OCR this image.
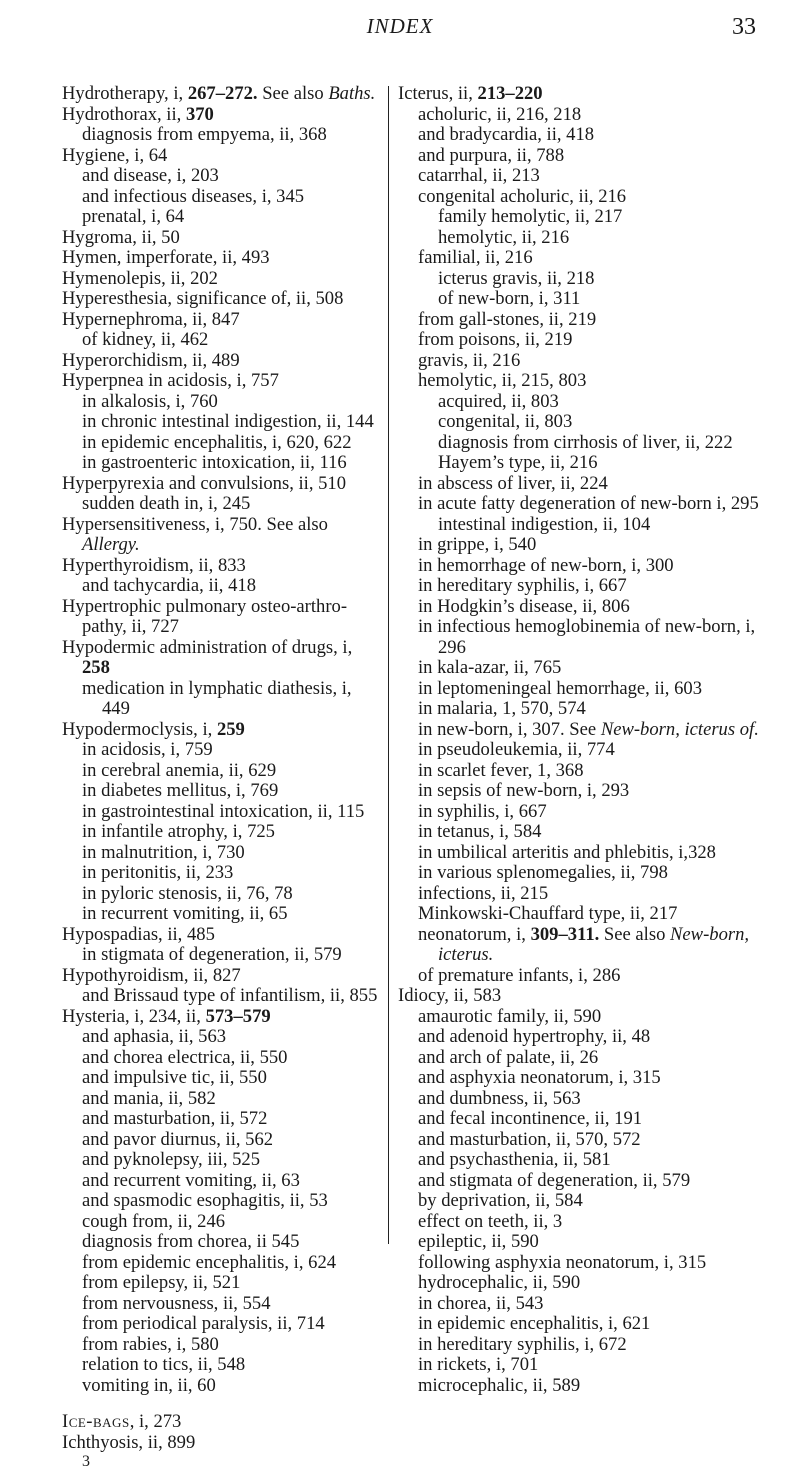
INDEX	33
Hydrotherapy, i, 267–272. See also Baths.
Hydrothorax, ii, 370
diagnosis from empyema, ii, 368
Hygiene, i, 64
and disease, i, 203
and infectious diseases, i, 345
prenatal, i, 64
Hygroma, ii, 50
Hymen, imperforate, ii, 493
Hymenolepis, ii, 202
Hyperesthesia, significance of, ii, 508
Hypernephroma, ii, 847
of kidney, ii, 462
Hyperorchidism, ii, 489
Hyperpnea in acidosis, i, 757
in alkalosis, i, 760
in chronic intestinal indigestion, ii, 144
in epidemic encephalitis, i, 620, 622
in gastroenteric intoxication, ii, 116
Hyperpyrexia and convulsions, ii, 510
sudden death in, i, 245
Hypersensitiveness, i, 750. See also Allergy.
Hyperthyroidism, ii, 833
and tachycardia, ii, 418
Hypertrophic pulmonary osteo-arthro-pathy, ii, 727
Hypodermic administration of drugs, i, 258
medication in lymphatic diathesis, i, 449
Hypodermoclysis, i, 259
in acidosis, i, 759
in cerebral anemia, ii, 629
in diabetes mellitus, i, 769
in gastrointestinal intoxication, ii, 115
in infantile atrophy, i, 725
in malnutrition, i, 730
in peritonitis, ii, 233
in pyloric stenosis, ii, 76, 78
in recurrent vomiting, ii, 65
Hypospadias, ii, 485
in stigmata of degeneration, ii, 579
Hypothyroidism, ii, 827
and Brissaud type of infantilism, ii, 855
Hysteria, i, 234, ii, 573–579
and aphasia, ii, 563
and chorea electrica, ii, 550
and impulsive tic, ii, 550
and mania, ii, 582
and masturbation, ii, 572
and pavor diurnus, ii, 562
and pyknolepsy, iii, 525
and recurrent vomiting, ii, 63
and spasmodic esophagitis, ii, 53
cough from, ii, 246
diagnosis from chorea, ii 545
from epidemic encephalitis, i, 624
from epilepsy, ii, 521
from nervousness, ii, 554
from periodical paralysis, ii, 714
from rabies, i, 580
relation to tics, ii, 548
vomiting in, ii, 60
Ice-bags, i, 273
Ichthyosis, ii, 899
3
Icterus, ii, 213–220
acholuric, ii, 216, 218
and bradycardia, ii, 418
and purpura, ii, 788
catarrhal, ii, 213
congenital acholuric, ii, 216
family hemolytic, ii, 217
hemolytic, ii, 216
familial, ii, 216
icterus gravis, ii, 218
of new-born, i, 311
from gall-stones, ii, 219
from poisons, ii, 219
gravis, ii, 216
hemolytic, ii, 215, 803
acquired, ii, 803
congenital, ii, 803
diagnosis from cirrhosis of liver, ii, 222
Hayem’s type, ii, 216
in abscess of liver, ii, 224
in acute fatty degeneration of new-born i, 295
intestinal indigestion, ii, 104
in grippe, i, 540
in hemorrhage of new-born, i, 300
in hereditary syphilis, i, 667
in Hodgkin’s disease, ii, 806
in infectious hemoglobinemia of new-born, i, 296
in kala-azar, ii, 765
in leptomeningeal hemorrhage, ii, 603
in malaria, 1, 570, 574
in new-born, i, 307. See New-born, icterus of.
in pseudoleukemia, ii, 774
in scarlet fever, 1, 368
in sepsis of new-born, i, 293
in syphilis, i, 667
in tetanus, i, 584
in umbilical arteritis and phlebitis, i,328
in various splenomegalies, ii, 798
infections, ii, 215
Minkowski-Chauffard type, ii, 217
neonatorum, i, 309–311. See also New-born, icterus.
of premature infants, i, 286
Idiocy, ii, 583
amaurotic family, ii, 590
and adenoid hypertrophy, ii, 48
and arch of palate, ii, 26
and asphyxia neonatorum, i, 315
and dumbness, ii, 563
and fecal incontinence, ii, 191
and masturbation, ii, 570, 572
and psychasthenia, ii, 581
and stigmata of degeneration, ii, 579
by deprivation, ii, 584
effect on teeth, ii, 3
epileptic, ii, 590
following asphyxia neonatorum, i, 315
hydrocephalic, ii, 590
in chorea, ii, 543
in epidemic encephalitis, i, 621
in hereditary syphilis, i, 672
in rickets, i, 701
microcephalic, ii, 589
